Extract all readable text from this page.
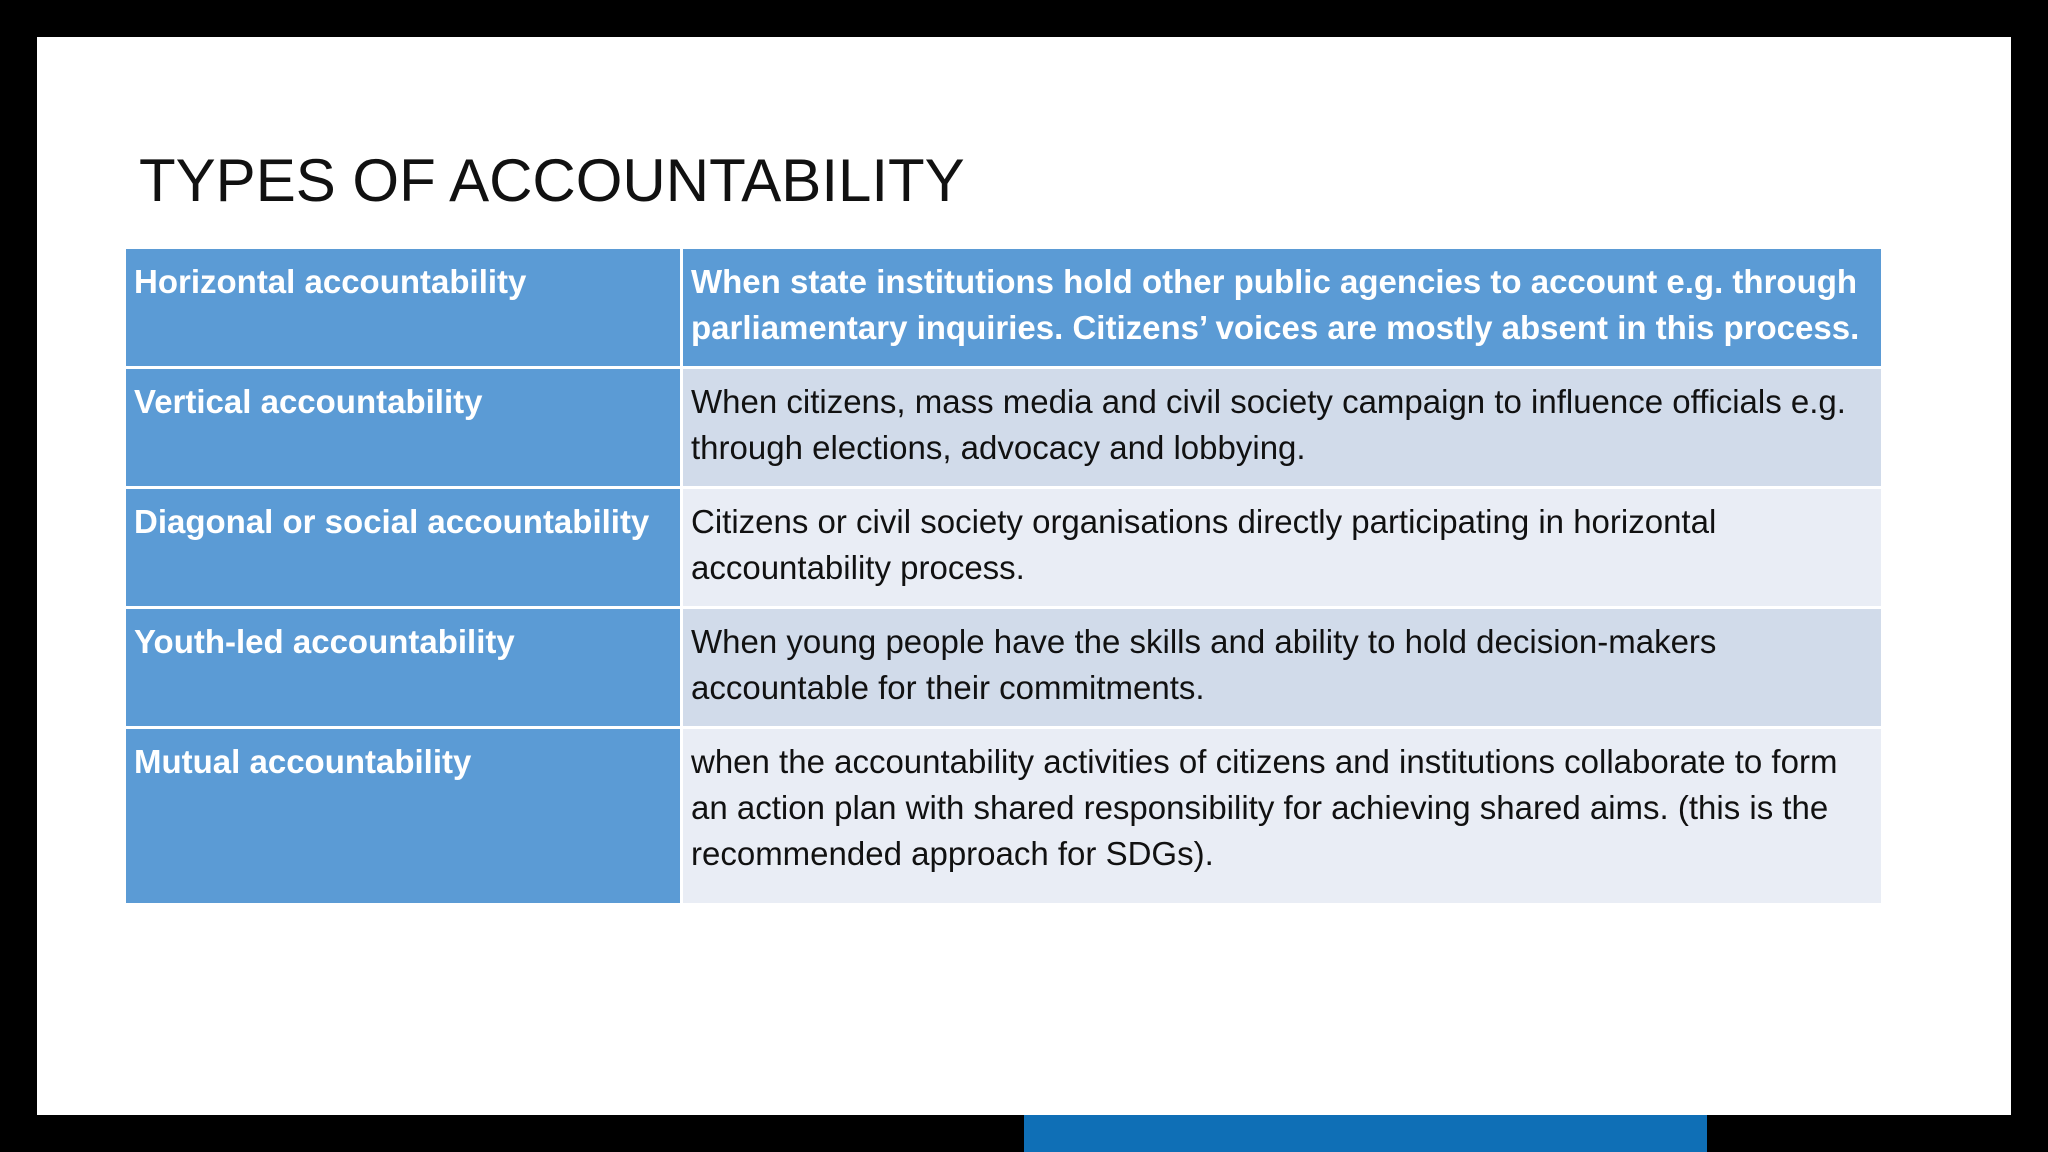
TYPES OF ACCOUNTABILITY
Horizontal accountability	When state institutions hold other public agencies to account e.g. through parliamentary inquiries. Citizens’ voices are mostly absent in this process.
Vertical accountability	When citizens, mass media and civil society campaign to influence officials e.g. through elections, advocacy and lobbying.
Diagonal or social accountability	Citizens or civil society organisations directly participating in horizontal accountability process.
Youth-led accountability	When young people have the skills and ability to hold decision-makers accountable for their commitments.
Mutual accountability	when the accountability activities of citizens and institutions collaborate to form an action plan with shared responsibility for achieving shared aims. (this is the recommended approach for SDGs).
